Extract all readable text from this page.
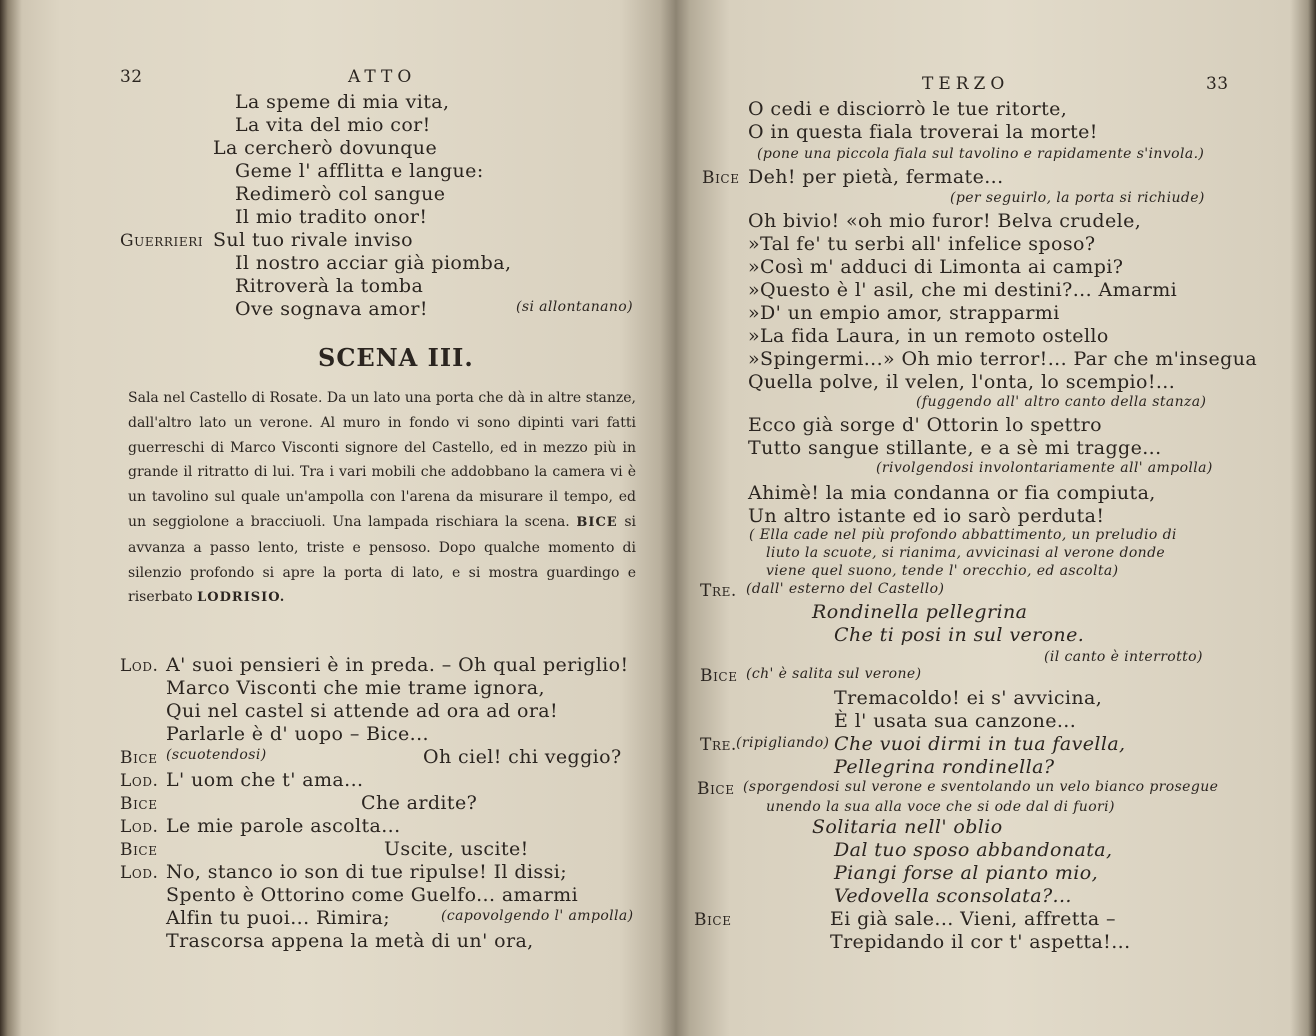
32	ATTO
La speme di mia vita,
La vita del mio cor!
La cercherò dovunque
Geme l' afflitta e langue:
Redimerò col sangue
Il mio tradito onor!
Guerrieri Sul tuo rivale inviso
Il nostro acciar già piomba,
Ritroverà la tomba
Ove sognava amor!	(si allontanano)
SCENA III.

Sala nel Castello di Rosate. Da un lato una porta che dà in altre stanze, dall'altro lato un verone. Al muro in fondo vi sono dipinti vari fatti guerreschi di Marco Visconti signore del Castello, ed in mezzo più in grande il ritratto di lui. Tra i vari mobili che addobbano la camera vi è un tavolino sul quale un'ampolla con l'arena da misurare il tempo, ed un seggiolone a bracciuoli. Una lampada rischiara la scena. BICE si avvanza a passo lento, triste e pensoso. Dopo qualche momento di silenzio profondo si apre la porta di lato, e si mostra guardingo e riserbato LODRISIO.

Lod. A' suoi pensieri è in preda. – Oh qual periglio!
Marco Visconti che mie trame ignora,
Qui nel castel si attende ad ora ad ora!
Parlarle è d' uopo – Bice...
Bice (scuotendosi)	Oh ciel! chi veggio?
Lod. L' uom che t' ama...
Bice	Che ardite?
Lod. Le mie parole ascolta...
Bice	Uscite, uscite!
Lod. No, stanco io son di tue ripulse! Il dissi;
Spento è Ottorino come Guelfo... amarmi
Alfin tu puoi... Rimira;	(capovolgendo l' ampolla)
Trascorsa appena la metà di un' ora,
TERZO	33
O cedi e disciorrò le tue ritorte,
O in questa fiala troverai la morte!
(pone una piccola fiala sul tavolino e rapidamente s'invola.)
Bice Deh! per pietà, fermate...
(per seguirlo, la porta si richiude)
Oh bivio! «oh mio furor! Belva crudele,
»Tal fe' tu serbi all' infelice sposo?
»Così m' adduci di Limonta ai campi?
»Questo è l' asil, che mi destini?... Amarmi
»D' un empio amor, strapparmi
»La fida Laura, in un remoto ostello
»Spingermi...» Oh mio terror!... Par che m'insegua
Quella polve, il velen, l'onta, lo scempio!...
(fuggendo all' altro canto della stanza)
Ecco già sorge d' Ottorin lo spettro
Tutto sangue stillante, e a sè mi tragge...
(rivolgendosi involontariamente all' ampolla)
Ahimè! la mia condanna or fia compiuta,
Un altro istante ed io sarò perduta!
( Ella cade nel più profondo abbattimento, un preludio di
liuto la scuote, si rianima, avvicinasi al verone donde
viene quel suono, tende l' orecchio, ed ascolta)
Tre. (dall' esterno del Castello)
Rondinella pellegrina
Che ti posi in sul verone.
(il canto è interrotto)
Bice (ch' è salita sul verone)
Tremacoldo! ei s' avvicina,
È l' usata sua canzone...
Tre. (ripigliando) Che vuoi dirmi in tua favella,
Pellegrina rondinella?
Bice (sporgendosi sul verone e sventolando un velo bianco prosegue
unendo la sua alla voce che si ode dal di fuori)
Solitaria nell' oblio
Dal tuo sposo abbandonata,
Piangi forse al pianto mio,
Vedovella sconsolata?...
Bice	Ei già sale... Vieni, affretta –
Trepidando il cor t' aspetta!...
